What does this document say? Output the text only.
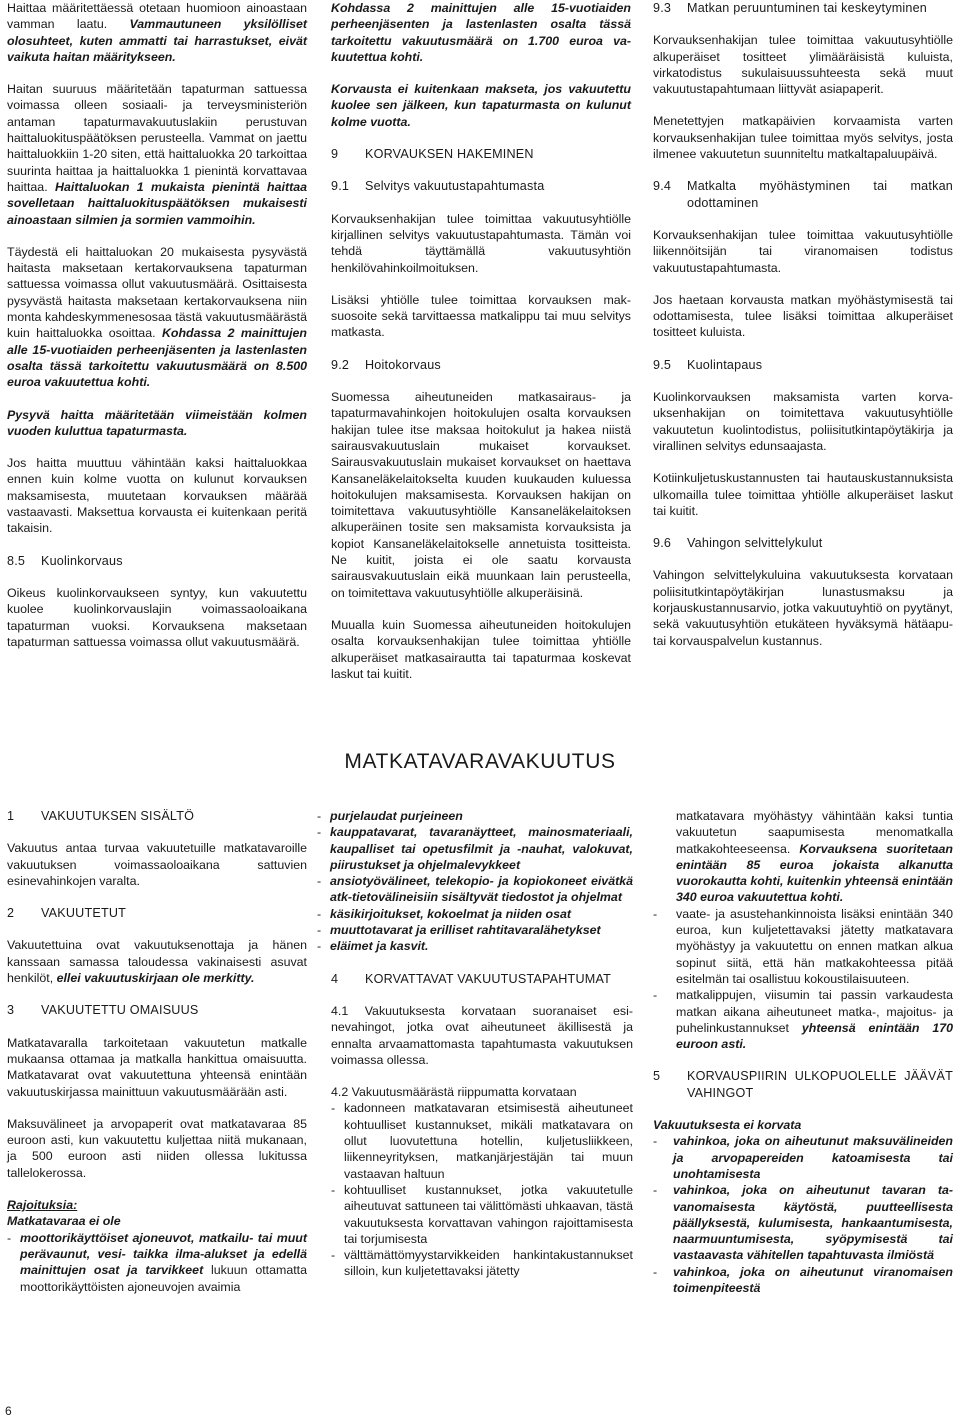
Haittaa määritettäessä otetaan huomioon ainoastaan vamman laatu. Vammautuneen yksilölliset olosuhteet, kuten ammatti tai harrastukset, eivät vaikuta haitan määritykseen.

Haitan suuruus määritetään tapaturman sattuessa voimassa olleen sosiaali- ja terveysministeriön antaman tapaturmavakuutuslakiin perustuvan haittaluokituspäätöksen perusteella. Vammat on jaettu haittaluokkiin 1-20 siten, että haittaluokka 20 tarkoittaa suurinta haittaa ja haittaluokka 1 pienintä korvattavaa haittaa. Haittaluokan 1 mukaista pienintä haittaa sovelletaan haittaluokituspäätöksen mukaisesti ainoastaan silmien ja sormien vammoihin.

Täydestä eli haittaluokan 20 mukaisesta pysyvästä haitasta maksetaan kertakorvauksena tapaturman sattuessa voimassa ollut vakuutusmäärä. Osittaisesta pysyvästä haitasta maksetaan kertakorvauksena niin monta kahdeskymmenesosaa tästä vakuutusmäärästä kuin haittaluokka osoittaa. Kohdassa 2 mainittujen alle 15-vuotiaiden perheenjäsenten ja lastenlasten osalta tässä tarkoitettu vakuutusmäärä on 8.500 euroa vakuutettua kohti.

Pysyvä haitta määritetään viimeistään kolmen vuoden kuluttua tapaturmasta.

Jos haitta muuttuu vähintään kaksi haittaluokkaa ennen kuin kolme vuotta on kulunut korvauksen maksamisesta, muutetaan korvauksen määrää vastaavasti. Maksettua korvausta ei kuitenkaan peritä takaisin.

8.5	Kuolinkorvaus

Oikeus kuolinkorvaukseen syntyy, kun vakuutettu kuolee kuolinkorvauslajin voimassaoloaikana tapaturman vuoksi. Korvauksena maksetaan tapaturman sattuessa voimassa ollut vakuutusmäärä.

Kohdassa 2 mainittujen alle 15-vuotiaiden perheenjäsenten ja lastenlasten osalta tässä tarkoitettu vakuutusmäärä on 1.700 euroa vakuutettua kohti.

Korvausta ei kuitenkaan makseta, jos vakuutettu kuolee sen jälkeen, kun tapaturmasta on kulunut kolme vuotta.

9	KORVAUKSEN HAKEMINEN
9.1	Selvitys vakuutustapahtumasta

Korvauksenhakijan tulee toimittaa vakuutusyhtiölle kirjallinen selvitys vakuutustapahtumasta. Tämän voi tehdä täyttämällä vakuutusyhtiön henkilövahinkoilmoituksen.

Lisäksi yhtiölle tulee toimittaa korvauksen maksuosoite sekä tarvittaessa matkalippu tai muu selvitys matkasta.

9.2	Hoitokorvaus

Suomessa aiheutuneiden matkasairaus- ja tapaturmavahinkojen hoitokulujen osalta korvauksen hakijan tulee itse maksaa hoitokulut ja hakea niistä sairausvakuutuslain mukaiset korvaukset. Sairausvakuutuslain mukaiset korvaukset on haettava Kansaneläkelaitokselta kuuden kuukauden kuluessa hoitokulujen maksamisesta. Korvauksen hakijan on toimitettava vakuutusyhtiölle Kansaneläkelaitoksen alkuperäinen tosite sen maksamista korvauksista ja kopiot Kansaneläkelaitokselle annetuista tositteista. Ne kuitit, joista ei ole saatu korvausta sairausvakuutuslain eikä muunkaan lain perusteella, on toimitettava vakuutusyhtiölle alkuperäisinä.

Muualla kuin Suomessa aiheutuneiden hoitokulujen osalta korvauksenhakijan tulee toimittaa yhtiölle alkuperäiset matkasairautta tai tapaturmaa koskevat laskut tai kuitit.

9.3	Matkan peruuntuminen tai keskeytyminen

Korvauksenhakijan tulee toimittaa vakuutusyhtiölle alkuperäiset tositteet ylimääräisistä kuluista, virkatodistus sukulaisuussuhteesta sekä muut vakuutustapahtumaan liittyvät asiapaperit.

Menetettyjen matkapäivien korvaamista varten korvauksenhakijan tulee toimittaa myös selvitys, josta ilmenee vakuutetun suunniteltu matkaltapaluupäivä.

9.4	Matkalta myöhästyminen tai matkan odottaminen

Korvauksenhakijan tulee toimittaa vakuutusyhtiölle liikennöitsijän tai viranomaisen todistus vakuutustapahtumasta.

Jos haetaan korvausta matkan myöhästymisestä tai odottamisesta, tulee lisäksi toimittaa alkuperäiset tositteet kuluista.

9.5	Kuolintapaus

Kuolinkorvauksen maksamista varten korvauksenhakijan on toimitettava vakuutusyhtiölle vakuutetun kuolintodistus, poliisitutkintapöytäkirja ja virallinen selvitys edunsaajasta.

Kotiinkuljetuskustannusten tai hautauskustannuksista ulkomailla tulee toimittaa yhtiölle alkuperäiset laskut tai kuitit.

9.6	Vahingon selvittelykulut

Vahingon selvittelykuluina vakuutuksesta korvataan poliisitutkintapöytäkirjan lunastusmaksu ja korjauskustannusarvio, jotka vakuutuyhtiö on pyytänyt, sekä vakuutusyhtiön etukäteen hyväksymä hätäapu- tai korvauspalvelun kustannus.

MATKATAVARAVAKUUTUS
1	VAKUUTUKSEN SISÄLTÖ

Vakuutus antaa turvaa vakuutetuille matkatavaroille vakuutuksen voimassaoloaikana sattuvien esinevahinkojen varalta.

2	VAKUUTETUT

Vakuutettuina ovat vakuutuksenottaja ja hänen kanssaan samassa taloudessa vakinaisesti asuvat henkilöt, ellei vakuutuskirjaan ole merkitty.

3	VAKUUTETTU OMAISUUS

Matkatavaralla tarkoitetaan vakuutetun matkalle mukaansa ottamaa ja matkalla hankittua omaisuutta. Matkatavarat ovat vakuutettuna yhteensä enintään vakuutuskirjassa mainittuun vakuutusmäärään asti.

Maksuvälineet ja arvopaperit ovat matkatavaraa 85 euroon asti, kun vakuutettu kuljettaa niitä mukanaan, ja 500 euroon asti niiden ollessa lukitussa tallelokerossa.

Rajoituksia:

Matkatavaraa ei ole

- moottorikäyttöiset ajoneuvot, matkailu- tai muut perävaunut, vesi- taikka ilma-alukset ja edellä mainittujen osat ja tarvikkeet lukuun ottamatta moottorikäyttöisten ajoneuvojen avaimia
- purjelaudat purjeineen
- kauppatavarat, tavaranäytteet, mainosmateriaali, kaupalliset tai opetusfilmit ja -nauhat, valokuvat, piirustukset ja ohjelmalevykkeet
- ansiotyövälineet, telekopio- ja kopiokoneet eivätkä atk-tietovälineisiin sisältyvät tiedostot ja ohjelmat
- käsikirjoitukset, kokoelmat ja niiden osat
- muuttotavarat ja erilliset rahtitavaralähetykset
- eläimet ja kasvit.
4	KORVATTAVAT VAKUUTUSTAPAHTUMAT

4.1 Vakuutuksesta korvataan suoranaiset esinevahingot, jotka ovat aiheutuneet äkillisestä ja ennalta arvaamattomasta tapahtumasta vakuutuksen voimassa ollessa.

4.2 Vakuutusmäärästä riippumatta korvataan

- kadonneen matkatavaran etsimisestä aiheutuneet kohtuulliset kustannukset, mikäli matkatavara on ollut luovutettuna hotellin, kuljetusliikkeen, liikenneyrityksen, matkanjärjestäjän tai muun vastaavan haltuun
- kohtuulliset kustannukset, jotka vakuutetulle aiheutuvat sattuneen tai välittömästi uhkaavan, tästä vakuutuksesta korvattavan vahingon rajoittamisesta tai torjumisesta
- välttämättömyystarvikkeiden hankintakustannukset silloin, kun kuljetettavaksi jätetty

matkatavara myöhästyy vähintään kaksi tuntia vakuutetun saapumisesta menomatkalla matkakohteeseensa. Korvauksena suoritetaan enintään 85 euroa jokaista alkanutta vuorokautta kohti, kuitenkin yhteensä enintään 340 euroa vakuutettua kohti.

-	vaate- ja asustehankinnoista lisäksi enintään 340 euroa, kun kuljetettavaksi jätetty matkatavara myöhästyy ja vakuutettu on ennen matkan alkua sopinut siitä, että hän matkakohteessa pitää esitelmän tai osallistuu kokoustilaisuuteen.
-	matkalippujen, viisumin tai passin varkaudesta matkan aikana aiheutuneet matka-, majoitus- ja puhelinkustannukset yhteensä enintään 170 euroon asti.
5	KORVAUSPIIRIN ULKOPUOLELLE JÄÄVÄT VAHINGOT

Vakuutuksesta ei korvata

-	vahinkoa, joka on aiheutunut maksuvälineiden ja arvopapereiden katoamisesta tai unohtamisesta
-	vahinkoa, joka on aiheutunut tavaran tavanomaisesta käytöstä, puutteellisesta päällyksestä, kulumisesta, hankaantumisesta, naarmuuntumisesta, syöpymisestä tai vastaavasta vähitellen tapahtuvasta ilmiöstä
-	vahinkoa, joka on aiheutunut viranomaisen toimenpiteestä
6
